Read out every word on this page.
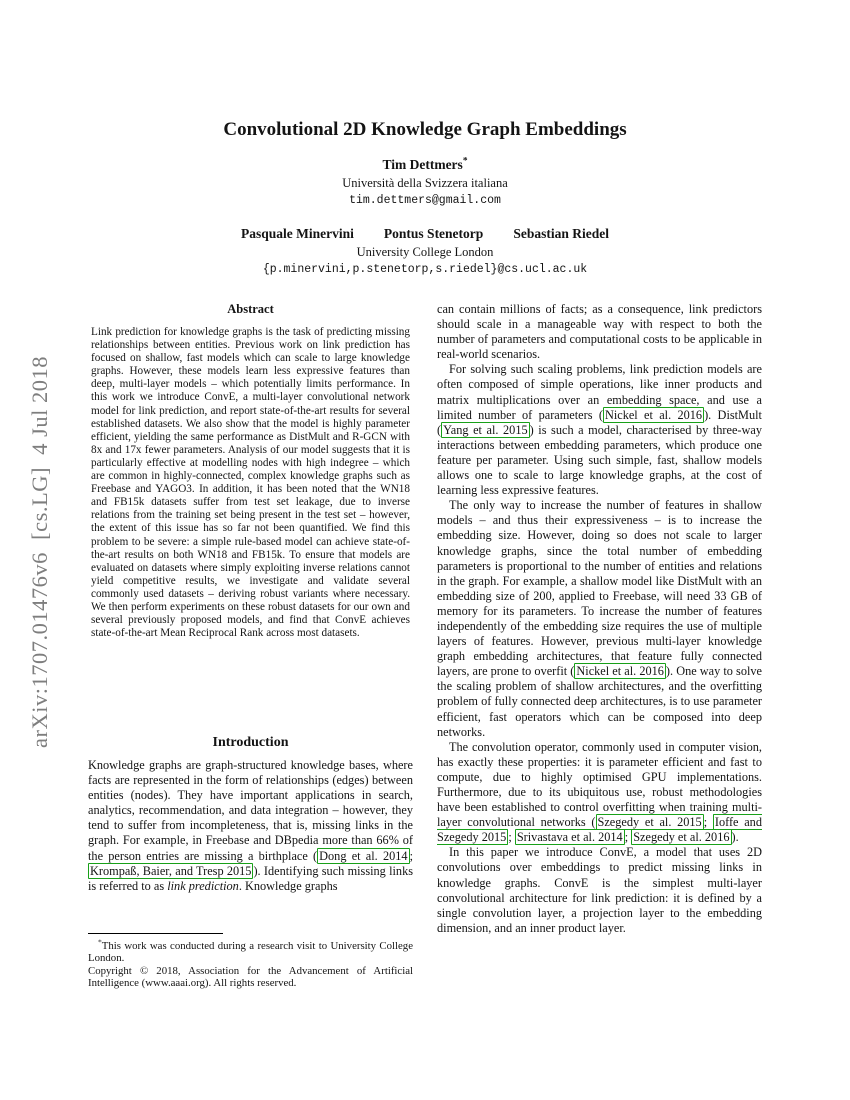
arXiv:1707.01476v6  [cs.LG]  4 Jul 2018
Convolutional 2D Knowledge Graph Embeddings
Tim Dettmers*
Università della Svizzera italiana
tim.dettmers@gmail.com
Pasquale Minervini Pontus Stenetorp Sebastian Riedel
University College London
{p.minervini,p.stenetorp,s.riedel}@cs.ucl.ac.uk
Abstract

Link prediction for knowledge graphs is the task of predicting missing relationships between entities. Previous work on link prediction has focused on shallow, fast models which can scale to large knowledge graphs. However, these models learn less expressive features than deep, multi-layer models – which potentially limits performance. In this work we introduce ConvE, a multi-layer convolutional network model for link prediction, and report state-of-the-art results for several established datasets. We also show that the model is highly parameter efficient, yielding the same performance as DistMult and R-GCN with 8x and 17x fewer parameters. Analysis of our model suggests that it is particularly effective at modelling nodes with high indegree – which are common in highly-connected, complex knowledge graphs such as Freebase and YAGO3. In addition, it has been noted that the WN18 and FB15k datasets suffer from test set leakage, due to inverse relations from the training set being present in the test set – however, the extent of this issue has so far not been quantified. We find this problem to be severe: a simple rule-based model can achieve state-of-the-art results on both WN18 and FB15k. To ensure that models are evaluated on datasets where simply exploiting inverse relations cannot yield competitive results, we investigate and validate several commonly used datasets – deriving robust variants where necessary. We then perform experiments on these robust datasets for our own and several previously proposed models, and find that ConvE achieves state-of-the-art Mean Reciprocal Rank across most datasets.

Introduction

Knowledge graphs are graph-structured knowledge bases, where facts are represented in the form of relationships (edges) between entities (nodes). They have important applications in search, analytics, recommendation, and data integration – however, they tend to suffer from incompleteness, that is, missing links in the graph. For example, in Freebase and DBpedia more than 66% of the person entries are missing a birthplace ( Dong et al. 2014 ; Krompaß, Baier, and Tresp 2015 ). Identifying such missing links is referred to as link prediction. Knowledge graphs

*This work was conducted during a research visit to University College London.

Copyright © 2018, Association for the Advancement of Artificial Intelligence (www.aaai.org). All rights reserved.

can contain millions of facts; as a consequence, link predictors should scale in a manageable way with respect to both the number of parameters and computational costs to be applicable in real-world scenarios.

For solving such scaling problems, link prediction models are often composed of simple operations, like inner products and matrix multiplications over an embedding space, and use a limited number of parameters ( Nickel et al. 2016 ). DistMult ( Yang et al. 2015 ) is such a model, characterised by three-way interactions between embedding parameters, which produce one feature per parameter. Using such simple, fast, shallow models allows one to scale to large knowledge graphs, at the cost of learning less expressive features.

The only way to increase the number of features in shallow models – and thus their expressiveness – is to increase the embedding size. However, doing so does not scale to larger knowledge graphs, since the total number of embedding parameters is proportional to the number of entities and relations in the graph. For example, a shallow model like DistMult with an embedding size of 200, applied to Freebase, will need 33 GB of memory for its parameters. To increase the number of features independently of the embedding size requires the use of multiple layers of features. However, previous multi-layer knowledge graph embedding architectures, that feature fully connected layers, are prone to overfit ( Nickel et al. 2016 ). One way to solve the scaling problem of shallow architectures, and the overfitting problem of fully connected deep architectures, is to use parameter efficient, fast operators which can be composed into deep networks.

The convolution operator, commonly used in computer vision, has exactly these properties: it is parameter efficient and fast to compute, due to highly optimised GPU implementations. Furthermore, due to its ubiquitous use, robust methodologies have been established to control overfitting when training multi-layer convolutional networks ( Szegedy et al. 2015 ; Ioffe and Szegedy 2015 ; Srivastava et al. 2014 ; Szegedy et al. 2016 ).

In this paper we introduce ConvE, a model that uses 2D convolutions over embeddings to predict missing links in knowledge graphs. ConvE is the simplest multi-layer convolutional architecture for link prediction: it is defined by a single convolution layer, a projection layer to the embedding dimension, and an inner product layer.
